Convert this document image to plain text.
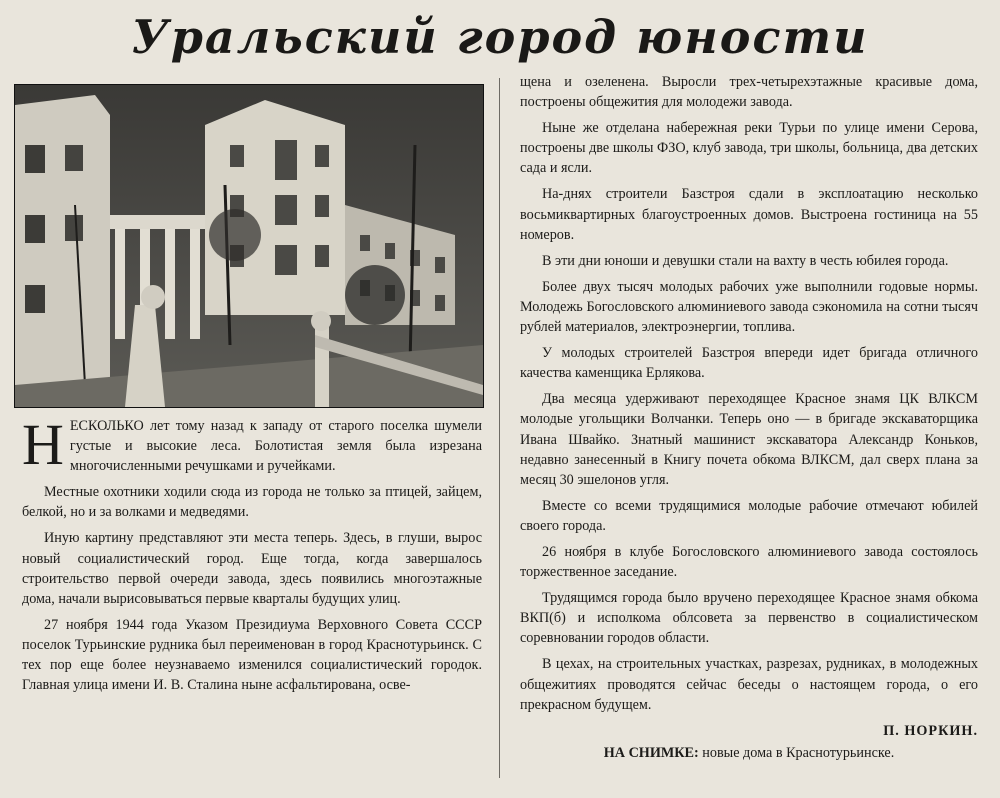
Уральский город юности

НЕСКОЛЬКО лет тому назад к западу от старого поселка шумели густые и высокие леса. Болотистая земля была изрезана многочисленными речушками и ручейками.

Местные охотники ходили сюда из города не только за птицей, зайцем, белкой, но и за волками и медведями.

Иную картину представляют эти места теперь. Здесь, в глуши, вырос новый социалистический город. Еще тогда, когда завершалось строительство первой очереди завода, здесь появились многоэтажные дома, начали вырисовываться первые кварталы будущих улиц.

27 ноября 1944 года Указом Президиума Верховного Совета СССР поселок Турьинские рудника был переименован в город Краснотурьинск. С тех пор еще более неузнаваемо изменился социалистический городок. Главная улица имени И. В. Сталина ныне асфальтирована, осве-

щена и озеленена. Выросли трех-четырехэтажные красивые дома, построены общежития для молодежи завода.

Ныне же отделана набережная реки Турьи по улице имени Серова, построены две школы ФЗО, клуб завода, три школы, больница, два детских сада и ясли.

На-днях строители Базстроя сдали в эксплоатацию несколько восьмиквартирных благоустроенных домов. Выстроена гостиница на 55 номеров.

В эти дни юноши и девушки стали на вахту в честь юбилея города.

Более двух тысяч молодых рабочих уже выполнили годовые нормы. Молодежь Богословского алюминиевого завода сэкономила на сотни тысяч рублей материалов, электроэнергии, топлива.

У молодых строителей Базстроя впереди идет бригада отличного качества каменщика Ерлякова.

Два месяца удерживают переходящее Красное знамя ЦК ВЛКСМ молодые угольщики Волчанки. Теперь оно — в бригаде экскаваторщика Ивана Швайко. Знатный машинист экскаватора Александр Коньков, недавно занесенный в Книгу почета обкома ВЛКСМ, дал сверх плана за месяц 30 эшелонов угля.

Вместе со всеми трудящимися молодые рабочие отмечают юбилей своего города.

26 ноября в клубе Богословского алюминиевого завода состоялось торжественное заседание.

Трудящимся города было вручено переходящее Красное знамя обкома ВКП(б) и исполкома облсовета за первенство в социалистическом соревновании городов области.

В цехах, на строительных участках, разрезах, рудниках, в молодежных общежитиях проводятся сейчас беседы о настоящем города, о его прекрасном будущем.

П. НОРКИН.

НА СНИМКЕ: новые дома в Краснотурьинске.
